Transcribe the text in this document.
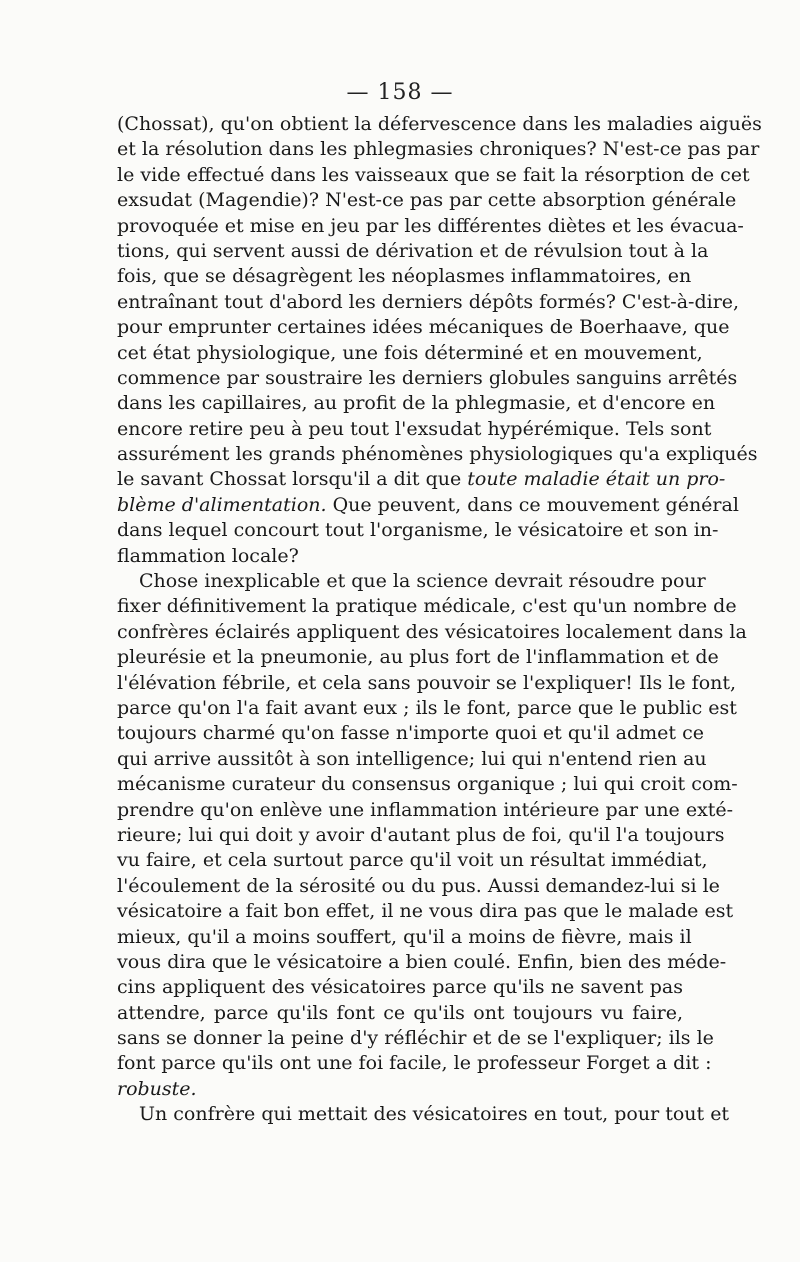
— 158 —
(Chossat), qu'on obtient la défervescence dans les maladies aiguës
et la résolution dans les phlegmasies chroniques? N'est-ce pas par
le vide effectué dans les vaisseaux que se fait la résorption de cet
exsudat (Magendie)? N'est-ce pas par cette absorption générale
provoquée et mise en jeu par les différentes diètes et les évacua-
tions, qui servent aussi de dérivation et de révulsion tout à la
fois, que se désagrègent les néoplasmes inflammatoires, en
entraînant tout d'abord les derniers dépôts formés? C'est-à-dire,
pour emprunter certaines idées mécaniques de Boerhaave, que
cet état physiologique, une fois déterminé et en mouvement,
commence par soustraire les derniers globules sanguins arrêtés
dans les capillaires, au profit de la phlegmasie, et d'encore en
encore retire peu à peu tout l'exsudat hypérémique. Tels sont
assurément les grands phénomènes physiologiques qu'a expliqués
le savant Chossat lorsqu'il a dit que toute maladie était un pro-
blème d'alimentation. Que peuvent, dans ce mouvement général
dans lequel concourt tout l'organisme, le vésicatoire et son in-
flammation locale?
Chose inexplicable et que la science devrait résoudre pour
fixer définitivement la pratique médicale, c'est qu'un nombre de
confrères éclairés appliquent des vésicatoires localement dans la
pleurésie et la pneumonie, au plus fort de l'inflammation et de
l'élévation fébrile, et cela sans pouvoir se l'expliquer! Ils le font,
parce qu'on l'a fait avant eux ; ils le font, parce que le public est
toujours charmé qu'on fasse n'importe quoi et qu'il admet ce
qui arrive aussitôt à son intelligence; lui qui n'entend rien au
mécanisme curateur du consensus organique ; lui qui croit com-
prendre qu'on enlève une inflammation intérieure par une exté-
rieure; lui qui doit y avoir d'autant plus de foi, qu'il l'a toujours
vu faire, et cela surtout parce qu'il voit un résultat immédiat,
l'écoulement de la sérosité ou du pus. Aussi demandez-lui si le
vésicatoire a fait bon effet, il ne vous dira pas que le malade est
mieux, qu'il a moins souffert, qu'il a moins de fièvre, mais il
vous dira que le vésicatoire a bien coulé. Enfin, bien des méde-
cins appliquent des vésicatoires parce qu'ils ne savent pas
attendre, parce qu'ils font ce qu'ils ont toujours vu faire,
sans se donner la peine d'y réfléchir et de se l'expliquer; ils le
font parce qu'ils ont une foi facile, le professeur Forget a dit :
robuste.
Un confrère qui mettait des vésicatoires en tout, pour tout et
